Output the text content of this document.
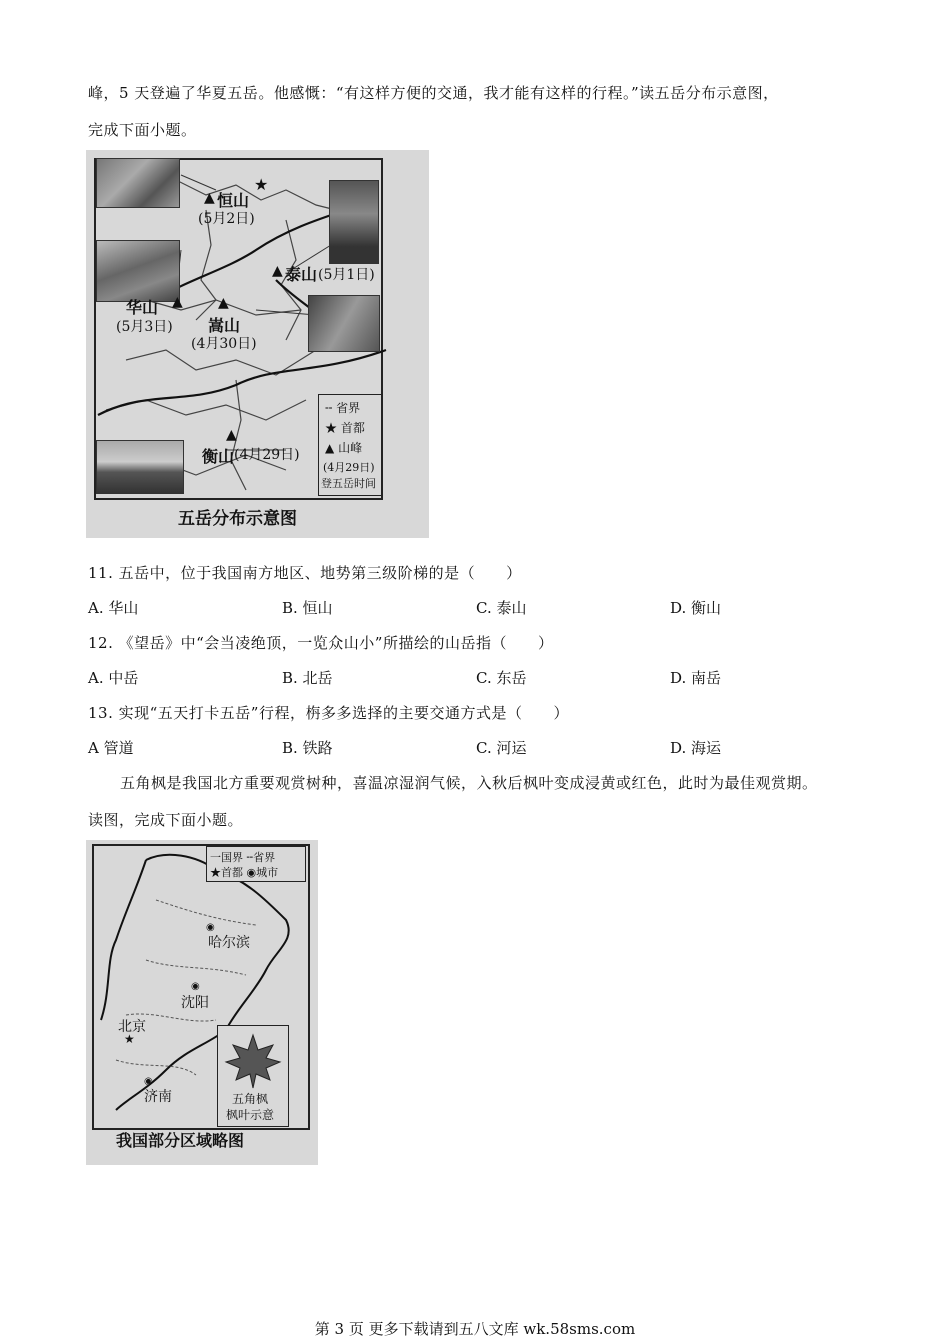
峰，5 天登遍了华夏五岳。他感慨：“有这样方便的交通，我才能有这样的行程。”读五岳分布示意图，
完成下面小题。
★
▲ 恒山
(5月2日)
▲ 泰山 (5月1日)
华山 ▲
(5月3日)
▲
嵩山
(4月30日)
▲
衡山 (4月29日)
╌ 省界
★ 首都
▲ 山峰
(4月29日)
登五岳时间
五岳分布示意图
11. 五岳中，位于我国南方地区、地势第三级阶梯的是（　　）
A. 华山	B. 恒山	C. 泰山	D. 衡山
12. 《望岳》中“会当凌绝顶，一览众山小”所描绘的山岳指（　　）
A. 中岳	B. 北岳	C. 东岳	D. 南岳
13. 实现“五天打卡五岳”行程，栴多多选择的主要交通方式是（　　）
A 管道	B. 铁路	C. 河运	D. 海运
五角枫是我国北方重要观赏树种，喜温凉湿润气候，入秋后枫叶变成浸黄或红色，此时为最佳观赏期。
读图，完成下面小题。
一国界 ╌省界
★首都 ◉城市
◉
哈尔滨
◉
沈阳
北京
★
◉
济南	五角枫
枫叶示意
我国部分区域略图
第 3 页 更多下载请到五八文库 wk.58sms.com
